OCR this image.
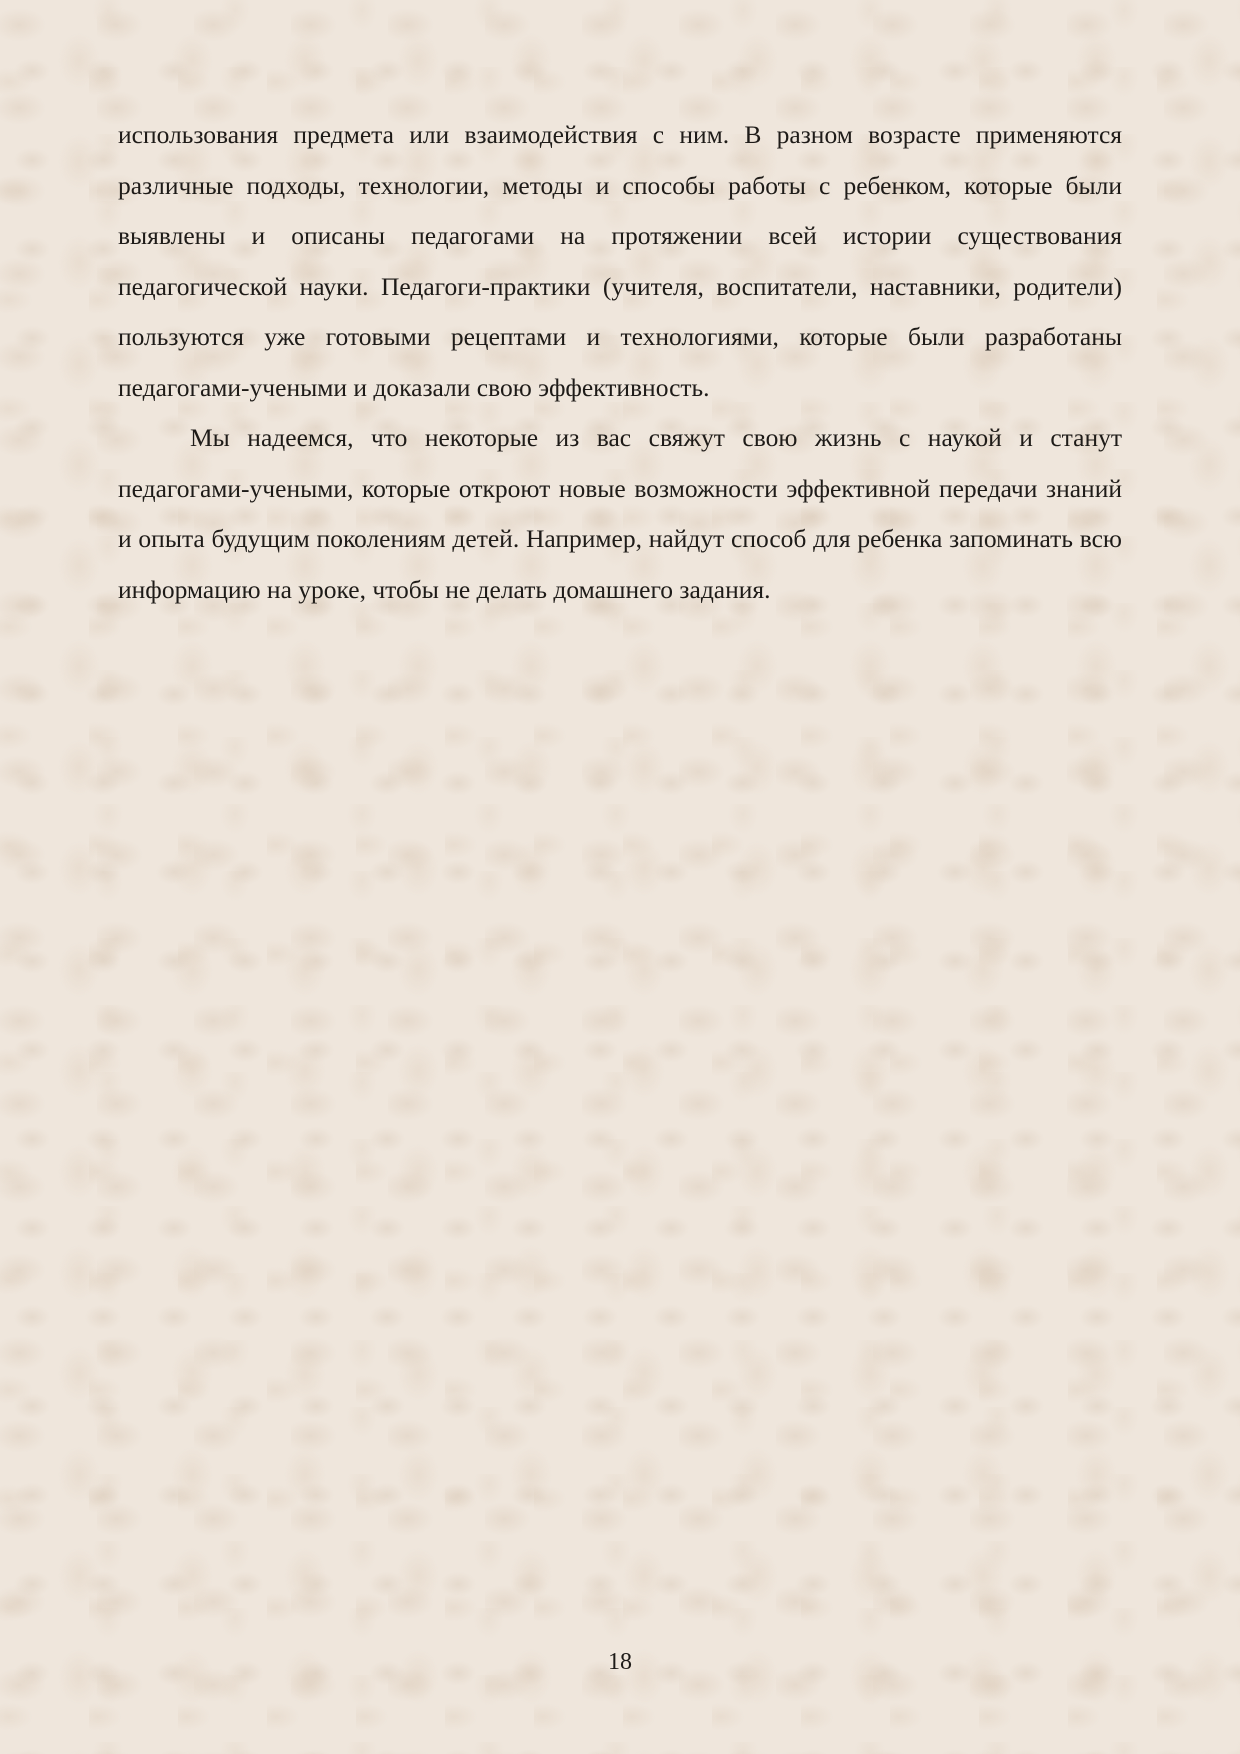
использования предмета или взаимодействия с ним. В разном возрасте применяются различные подходы, технологии, методы и способы работы с ребенком, которые были выявлены и описаны педагогами на протяжении всей истории существования педагогической науки. Педагоги-практики (учителя, воспитатели, наставники, родители) пользуются уже готовыми рецептами и технологиями, которые были разработаны педагогами-учеными и доказали свою эффективность.

Мы надеемся, что некоторые из вас свяжут свою жизнь с наукой и станут педагогами-учеными, которые откроют новые возможности эффективной передачи знаний и опыта будущим поколениям детей. Например, найдут способ для ребенка запоминать всю информацию на уроке, чтобы не делать домашнего задания.

18
